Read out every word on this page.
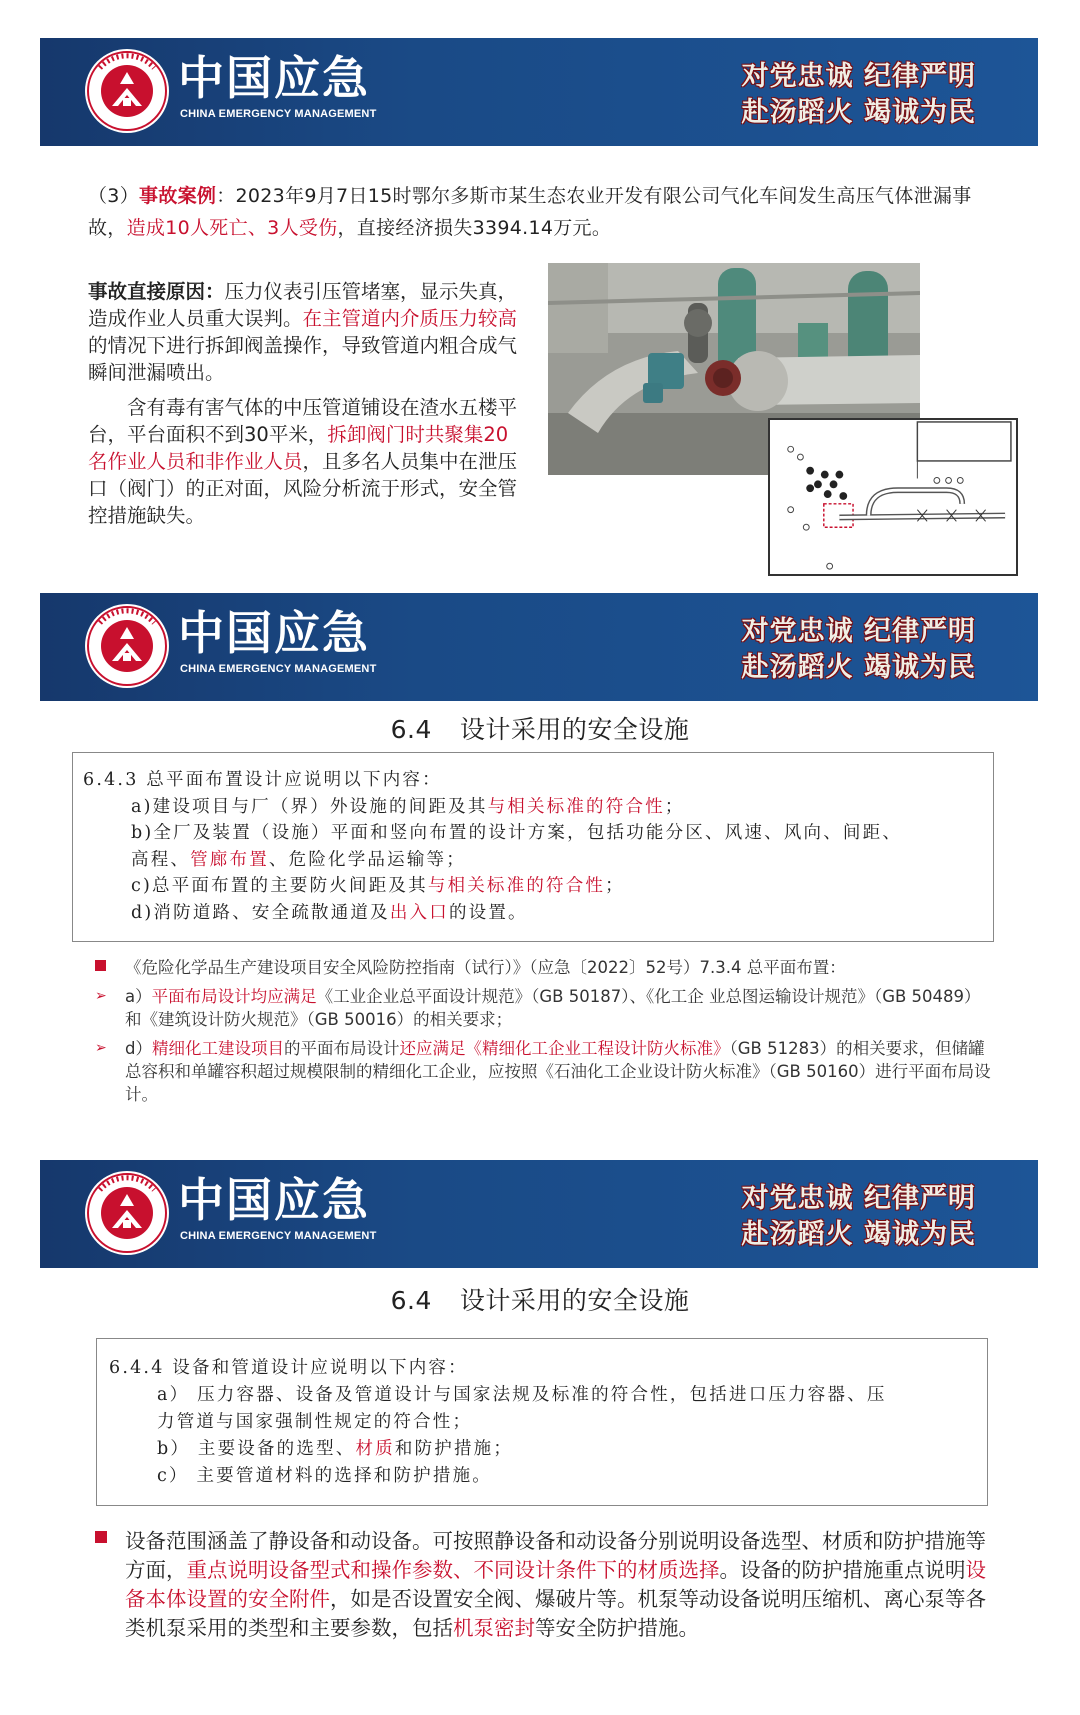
中国应急
CHINA EMERGENCY MANAGEMENT
对党忠诚 纪律严明
赴汤蹈火 竭诚为民
（3）事故案例：2023年9月7日15时鄂尔多斯市某生态农业开发有限公司气化车间发生高压气体泄漏事故，造成10人死亡、3人受伤，直接经济损失3394.14万元。

事故直接原因：压力仪表引压管堵塞，显示失真，造成作业人员重大误判。在主管道内介质压力较高的情况下进行拆卸阀盖操作，导致管道内粗合成气瞬间泄漏喷出。

含有毒有害气体的中压管道铺设在渣水五楼平台，平台面积不到30平米，拆卸阀门时共聚集20名作业人员和非作业人员，且多名人员集中在泄压口（阀门）的正对面，风险分析流于形式，安全管控措施缺失。

中国应急
CHINA EMERGENCY MANAGEMENT
对党忠诚 纪律严明
赴汤蹈火 竭诚为民
6.4 设计采用的安全设施
6.4.3 总平面布置设计应说明以下内容：
a)建设项目与厂（界）外设施的间距及其与相关标准的符合性；
b)全厂及装置（设施）平面和竖向布置的设计方案，包括功能分区、风速、风向、间距、
高程、管廊布置、危险化学品运输等；
c)总平面布置的主要防火间距及其与相关标准的符合性；
d)消防道路、安全疏散通道及出入口的设置。
《危险化学品生产建设项目安全风险防控指南（试行）》（应急〔2022〕52号）7.3.4 总平面布置：
➢ a）平面布局设计均应满足《工业企业总平面设计规范》（GB 50187）、《化工企 业总图运输设计规范》（GB 50489）和《建筑设计防火规范》（GB 50016）的相关要求；
➢ d）精细化工建设项目的平面布局设计还应满足《精细化工企业工程设计防火标准》（GB 51283）的相关要求，但储罐总容积和单罐容积超过规模限制的精细化工企业，应按照《石油化工企业设计防火标准》（GB 50160）进行平面布局设计。
中国应急
CHINA EMERGENCY MANAGEMENT
对党忠诚 纪律严明
赴汤蹈火 竭诚为民
6.4 设计采用的安全设施
6.4.4 设备和管道设计应说明以下内容：
a） 压力容器、设备及管道设计与国家法规及标准的符合性，包括进口压力容器、压
力管道与国家强制性规定的符合性；
b） 主要设备的选型、材质和防护措施；
c） 主要管道材料的选择和防护措施。
设备范围涵盖了静设备和动设备。可按照静设备和动设备分别说明设备选型、材质和防护措施等方面，重点说明设备型式和操作参数、不同设计条件下的材质选择。设备的防护措施重点说明设备本体设置的安全附件，如是否设置安全阀、爆破片等。机泵等动设备说明压缩机、离心泵等各类机泵采用的类型和主要参数，包括机泵密封等安全防护措施。
